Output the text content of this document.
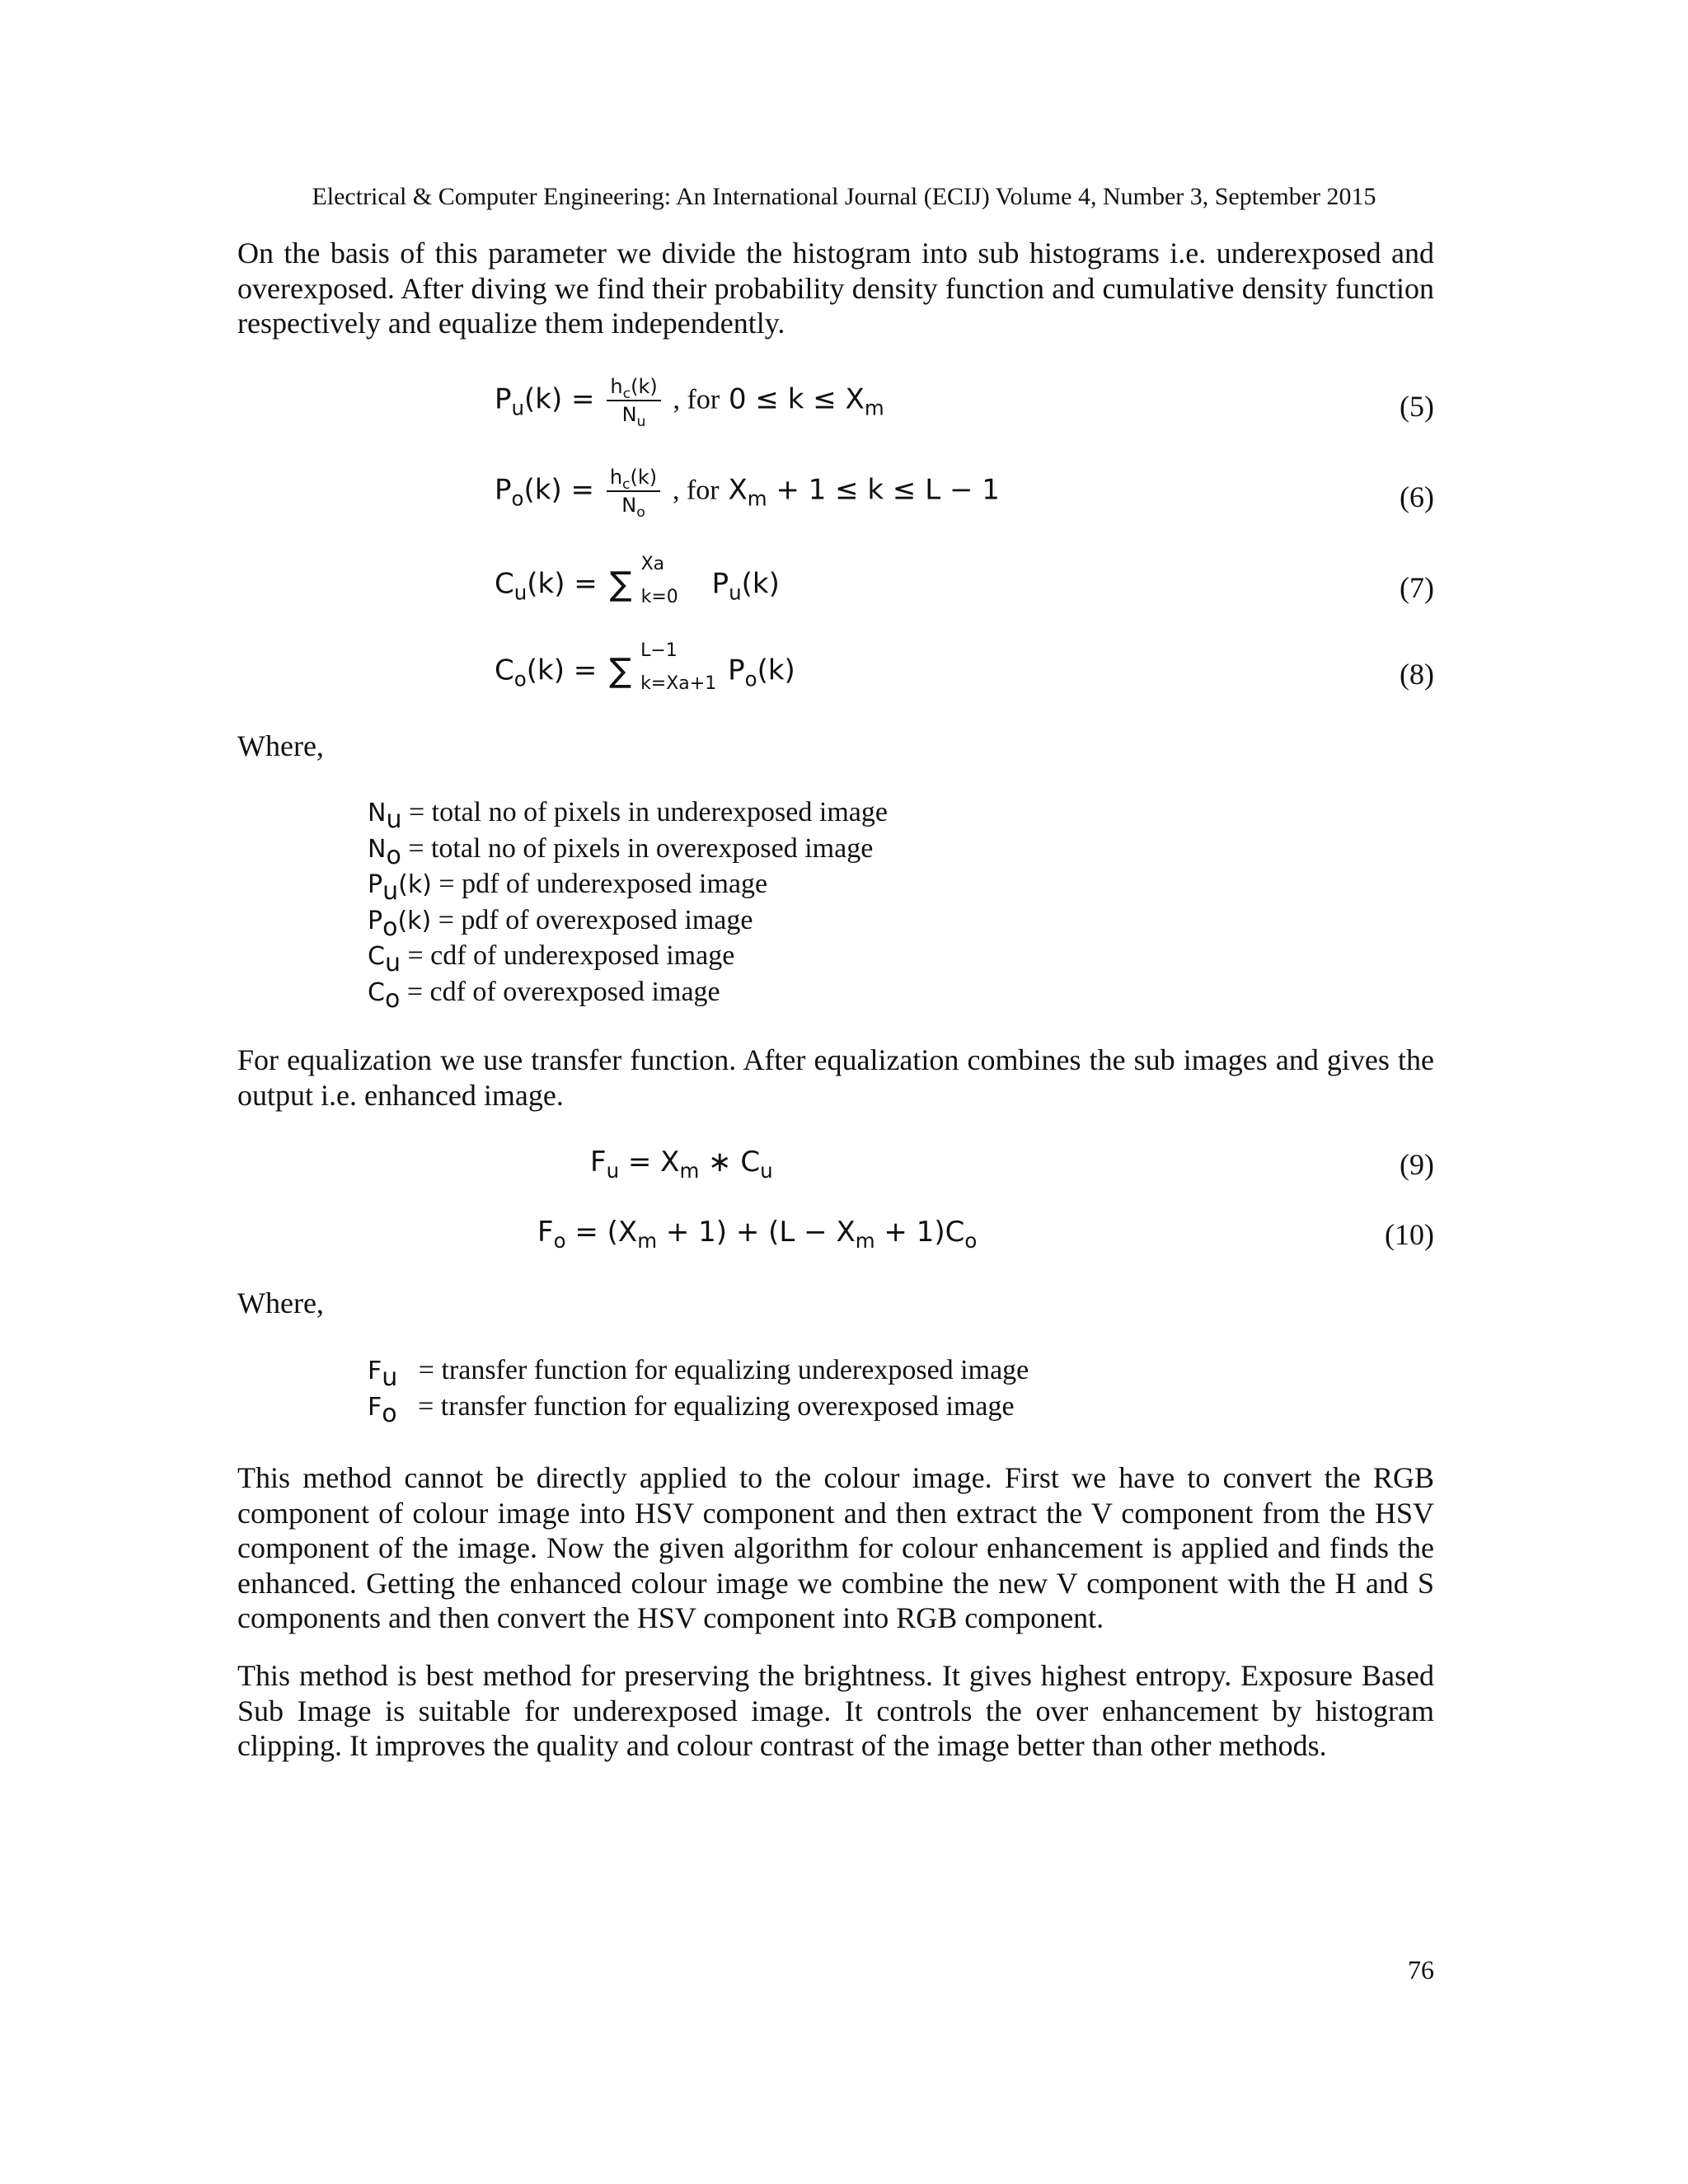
Electrical & Computer Engineering: An International Journal (ECIJ) Volume 4, Number 3, September 2015
On the basis of this parameter we divide the histogram into sub histograms i.e. underexposed and overexposed. After diving we find their probability density function and cumulative density function respectively and equalize them independently.
$P_u(k) = \frac{h_c(k)}{N_u}$ , for $0 \le k \le X_m$	(5)
$P_o(k) = \frac{h_c(k)}{N_o}$ , for $X_m + 1 \le k \le L - 1$	(6)
$C_u(k)$ = ∑
Xa
k=0 $P_u(k)$	(7)
$C_o(k)$ = ∑
L−1
k=Xa+1 $P_o(k)$	(8)
Where,
$N_u$ = total no of pixels in underexposed image
$N_o$ = total no of pixels in overexposed image
$P_u(k)$ = pdf of underexposed image
$P_o(k)$ = pdf of overexposed image
$C_u$ = cdf of underexposed image
$C_o$ = cdf of overexposed image
For equalization we use transfer function. After equalization combines the sub images and gives the output i.e. enhanced image.
$F_u = X_m$ ∗ $C_u$	(9)
$F_o = (X_m + 1) + (L - X_m + 1)C_o$	(10)
Where,
$F_u$   = transfer function for equalizing underexposed image
$F_o$   = transfer function for equalizing overexposed image
This method cannot be directly applied to the colour image. First we have to convert the RGB component of colour image into HSV component and then extract the V component from the HSV component of the image. Now the given algorithm for colour enhancement is applied and finds the enhanced. Getting the enhanced colour image we combine the new V component with the H and S components and then convert the HSV component into RGB component.
This method is best method for preserving the brightness. It gives highest entropy. Exposure Based Sub Image is suitable for underexposed image. It controls the over enhancement by histogram clipping. It improves the quality and colour contrast of the image better than other methods.
76
